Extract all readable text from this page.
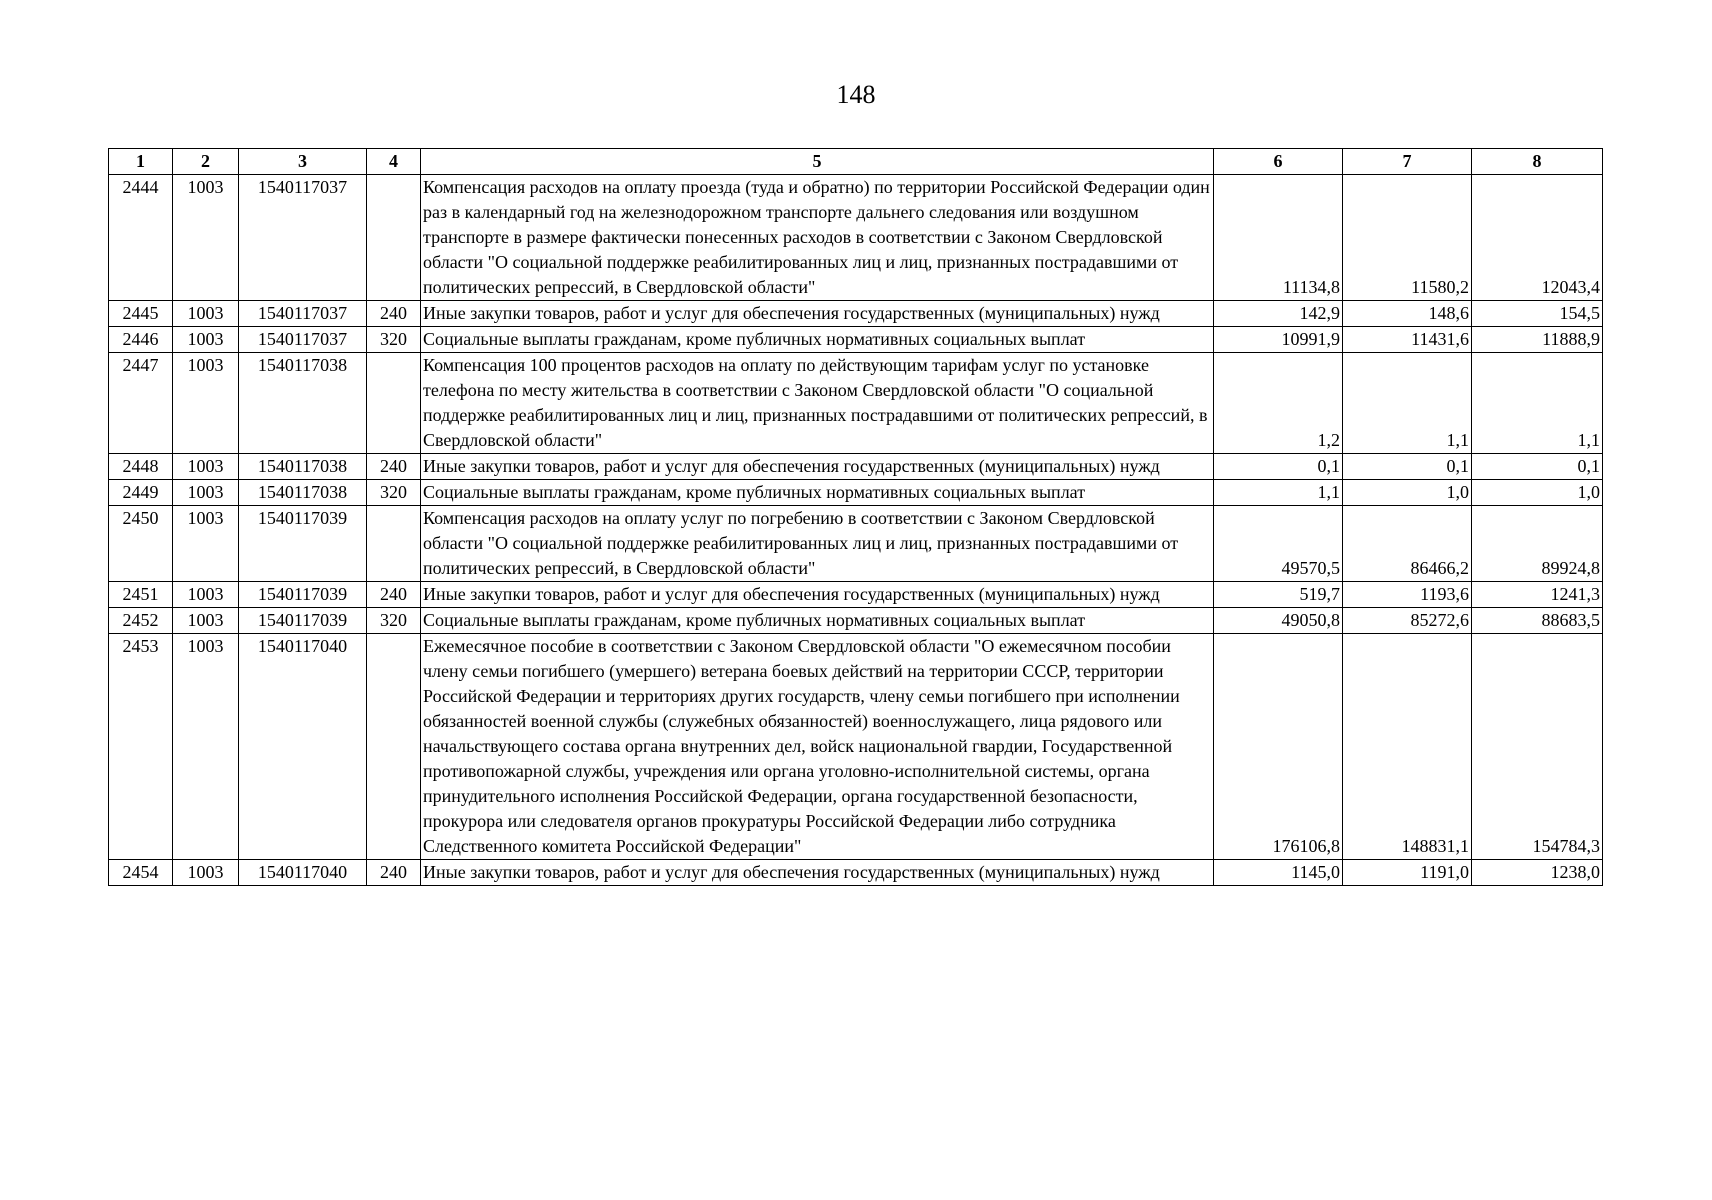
148
1	2	3	4	5	6	7	8
2444	1003	1540117037		Компенсация расходов на оплату проезда (туда и обратно) по территории Российской Федерации один раз в календарный год на железнодорожном транспорте дальнего следования или воздушном транспорте в размере фактически понесенных расходов в соответствии с Законом Свердловской области "О социальной поддержке реабилитированных лиц и лиц, признанных пострадавшими от политических репрессий, в Свердловской области"	11134,8	11580,2	12043,4
2445	1003	1540117037	240	Иные закупки товаров, работ и услуг для обеспечения государственных (муниципальных) нужд	142,9	148,6	154,5
2446	1003	1540117037	320	Социальные выплаты гражданам, кроме публичных нормативных социальных выплат	10991,9	11431,6	11888,9
2447	1003	1540117038		Компенсация 100 процентов расходов на оплату по действующим тарифам услуг по установке телефона по месту жительства в соответствии с Законом Свердловской области "О социальной поддержке реабилитированных лиц и лиц, признанных пострадавшими от политических репрессий, в Свердловской области"	1,2	1,1	1,1
2448	1003	1540117038	240	Иные закупки товаров, работ и услуг для обеспечения государственных (муниципальных) нужд	0,1	0,1	0,1
2449	1003	1540117038	320	Социальные выплаты гражданам, кроме публичных нормативных социальных выплат	1,1	1,0	1,0
2450	1003	1540117039		Компенсация расходов на оплату услуг по погребению в соответствии с Законом Свердловской области "О социальной поддержке реабилитированных лиц и лиц, признанных пострадавшими от политических репрессий, в Свердловской области"	49570,5	86466,2	89924,8
2451	1003	1540117039	240	Иные закупки товаров, работ и услуг для обеспечения государственных (муниципальных) нужд	519,7	1193,6	1241,3
2452	1003	1540117039	320	Социальные выплаты гражданам, кроме публичных нормативных социальных выплат	49050,8	85272,6	88683,5
2453	1003	1540117040		Ежемесячное пособие в соответствии с Законом Свердловской области "О ежемесячном пособии члену семьи погибшего (умершего) ветерана боевых действий на территории СССР, территории Российской Федерации и территориях других государств, члену семьи погибшего при исполнении обязанностей военной службы (служебных обязанностей) военнослужащего, лица рядового или начальствующего состава органа внутренних дел, войск национальной гвардии, Государственной противопожарной службы, учреждения или органа уголовно-исполнительной системы, органа принудительного исполнения Российской Федерации, органа государственной безопасности, прокурора или следователя органов прокуратуры Российской Федерации либо сотрудника Следственного комитета Российской Федерации"	176106,8	148831,1	154784,3
2454	1003	1540117040	240	Иные закупки товаров, работ и услуг для обеспечения государственных (муниципальных) нужд	1145,0	1191,0	1238,0
